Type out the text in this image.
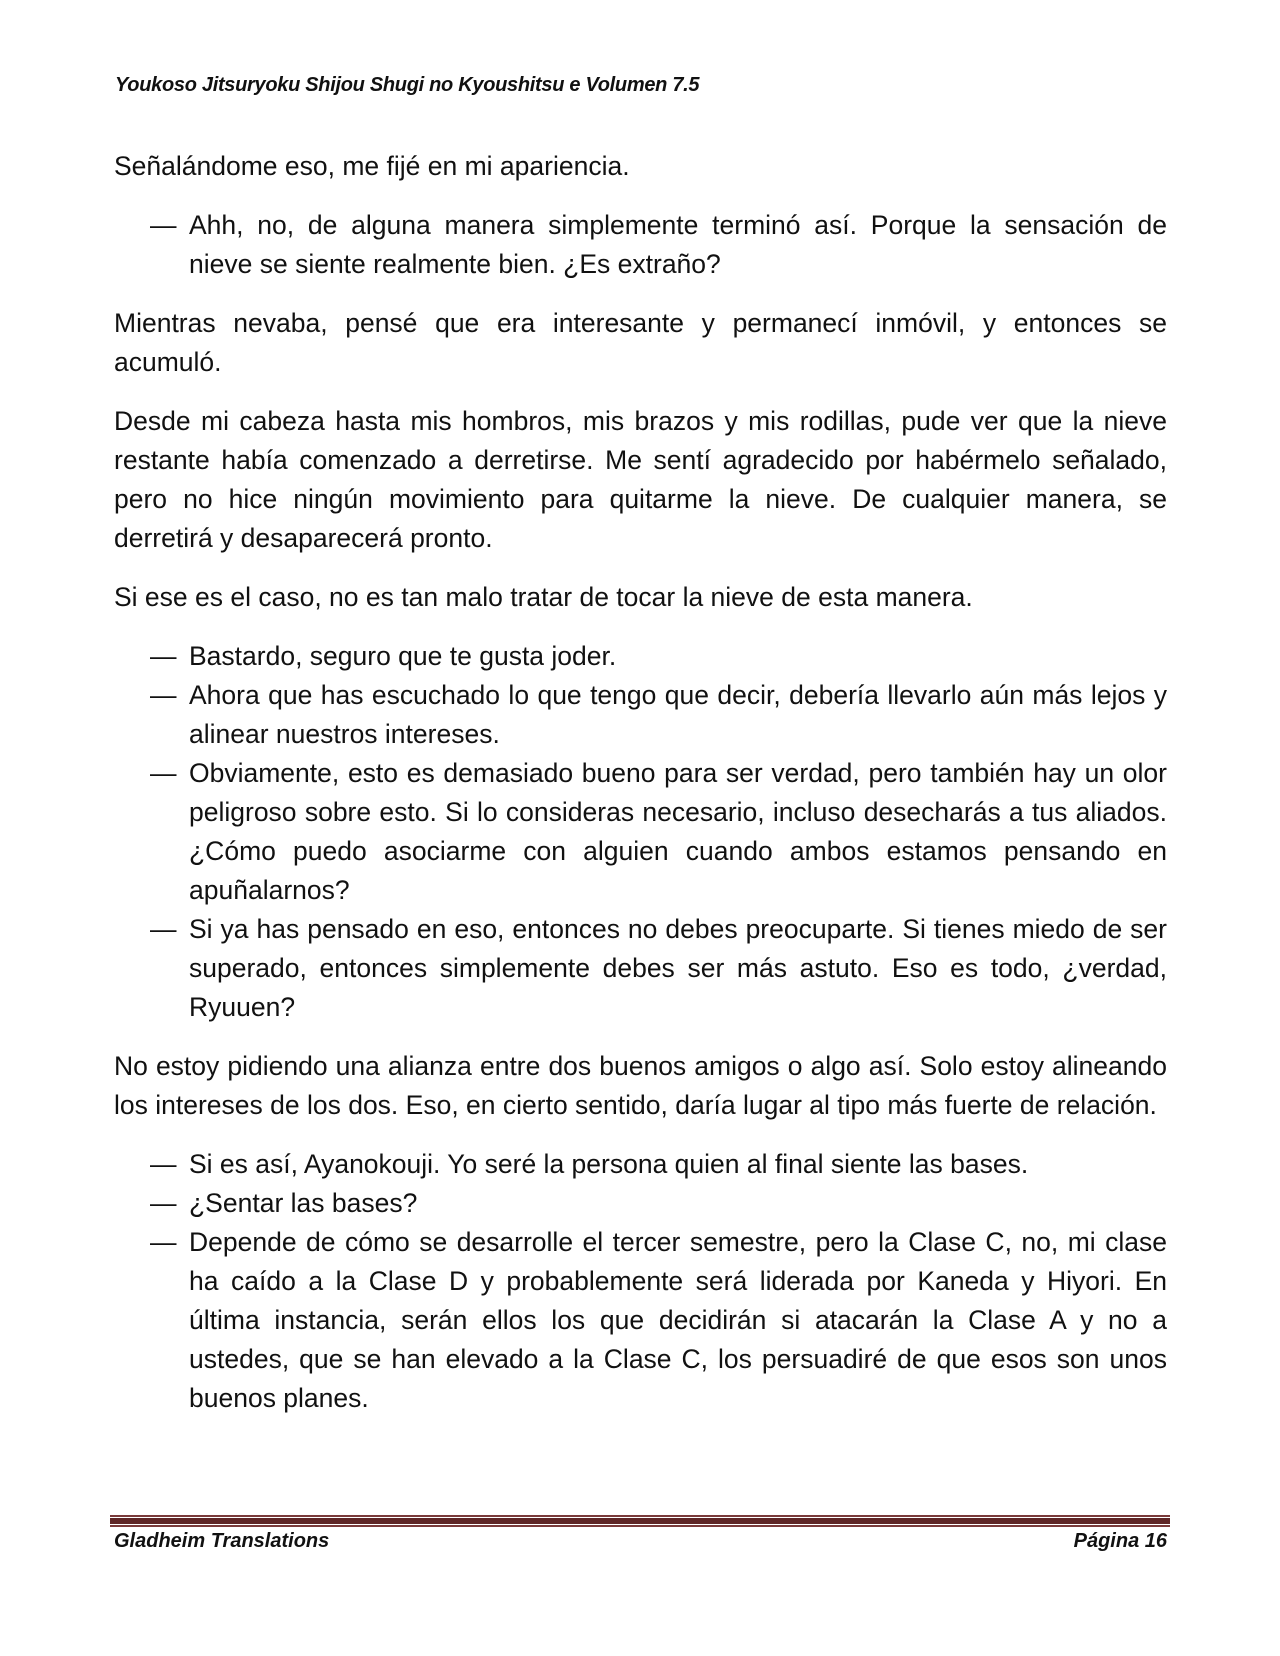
Youkoso Jitsuryoku Shijou Shugi no Kyoushitsu e Volumen 7.5

Señalándome eso, me fijé en mi apariencia.

— Ahh, no, de alguna manera simplemente terminó así. Porque la sensación de nieve se siente realmente bien. ¿Es extraño?

Mientras nevaba, pensé que era interesante y permanecí inmóvil, y entonces se acumuló.

Desde mi cabeza hasta mis hombros, mis brazos y mis rodillas, pude ver que la nieve restante había comenzado a derretirse. Me sentí agradecido por habérmelo señalado, pero no hice ningún movimiento para quitarme la nieve. De cualquier manera, se derretirá y desaparecerá pronto.

Si ese es el caso, no es tan malo tratar de tocar la nieve de esta manera.

— Bastardo, seguro que te gusta joder.

— Ahora que has escuchado lo que tengo que decir, debería llevarlo aún más lejos y alinear nuestros intereses.

— Obviamente, esto es demasiado bueno para ser verdad, pero también hay un olor peligroso sobre esto. Si lo consideras necesario, incluso desecharás a tus aliados. ¿Cómo puedo asociarme con alguien cuando ambos estamos pensando en apuñalarnos?

— Si ya has pensado en eso, entonces no debes preocuparte. Si tienes miedo de ser superado, entonces simplemente debes ser más astuto. Eso es todo, ¿verdad, Ryuuen?

No estoy pidiendo una alianza entre dos buenos amigos o algo así. Solo estoy alineando los intereses de los dos. Eso, en cierto sentido, daría lugar al tipo más fuerte de relación.

— Si es así, Ayanokouji. Yo seré la persona quien al final siente las bases.

— ¿Sentar las bases?

— Depende de cómo se desarrolle el tercer semestre, pero la Clase C, no, mi clase ha caído a la Clase D y probablemente será liderada por Kaneda y Hiyori. En última instancia, serán ellos los que decidirán si atacarán la Clase A y no a ustedes, que se han elevado a la Clase C, los persuadiré de que esos son unos buenos planes.

Gladheim Translations	Página 16
